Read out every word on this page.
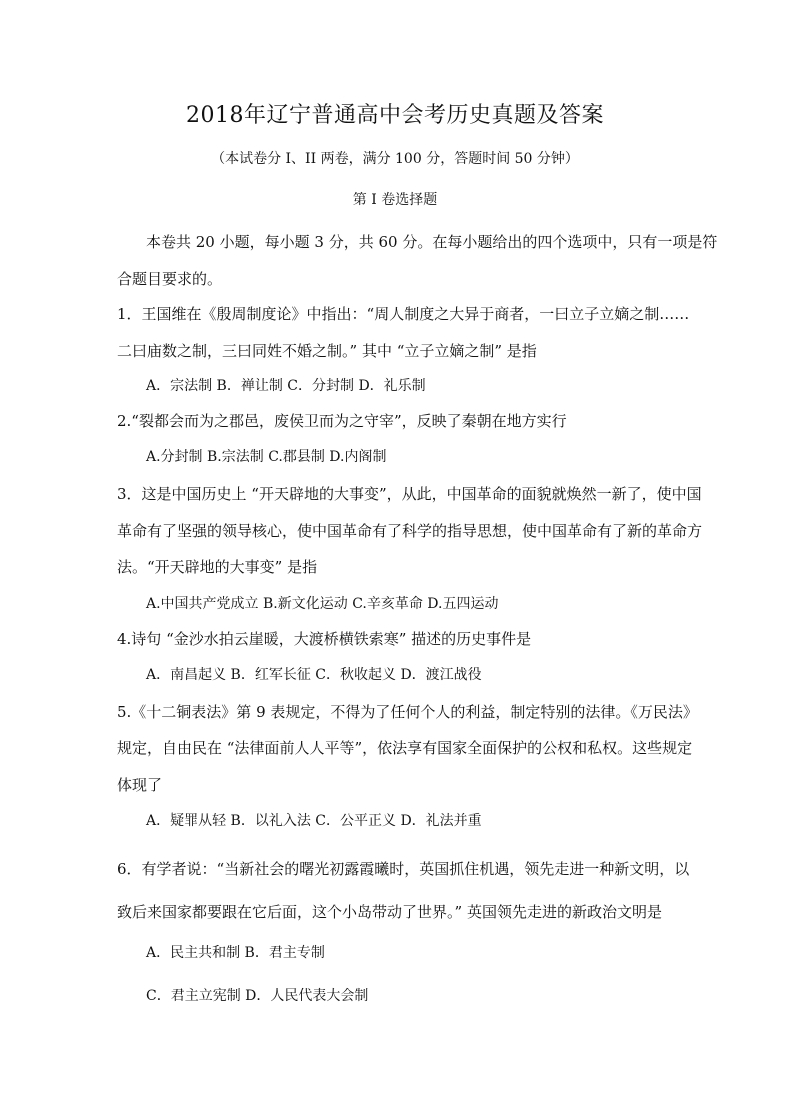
2018年辽宁普通高中会考历史真题及答案
（本试卷分 I、II 两卷，满分 100 分，答题时间 50 分钟）
第 I 卷选择题
本卷共 20 小题，每小题 3 分，共 60 分。在每小题给出的四个选项中，只有一项是符
合题目要求的。
1．王国维在《殷周制度论》中指出：“周人制度之大异于商者，一曰立子立嫡之制……
二曰庙数之制，三曰同姓不婚之制。” 其中 “立子立嫡之制” 是指
A．宗法制 B．禅让制 C．分封制 D．礼乐制
2.“裂都会而为之郡邑，废侯卫而为之守宰”，反映了秦朝在地方实行
A.分封制 B.宗法制 C.郡县制 D.内阁制
3．这是中国历史上 “开天辟地的大事变”，从此，中国革命的面貌就焕然一新了，使中国
革命有了坚强的领导核心，使中国革命有了科学的指导思想，使中国革命有了新的革命方
法。“开天辟地的大事变” 是指
A.中国共产党成立 B.新文化运动 C.辛亥革命 D.五四运动
4.诗句 “金沙水拍云崖暖，大渡桥横铁索寒” 描述的历史事件是
A．南昌起义 B．红军长征 C．秋收起义 D．渡江战役
5.《十二铜表法》第 9 表规定，不得为了任何个人的利益，制定特别的法律。《万民法》
规定，自由民在 “法律面前人人平等”，依法享有国家全面保护的公权和私权。这些规定
体现了
A．疑罪从轻 B．以礼入法 C．公平正义 D．礼法并重
6．有学者说：“当新社会的曙光初露霞曦时，英国抓住机遇，领先走进一种新文明，以
致后来国家都要跟在它后面，这个小岛带动了世界。” 英国领先走进的新政治文明是
A．民主共和制 B．君主专制
C．君主立宪制 D．人民代表大会制
